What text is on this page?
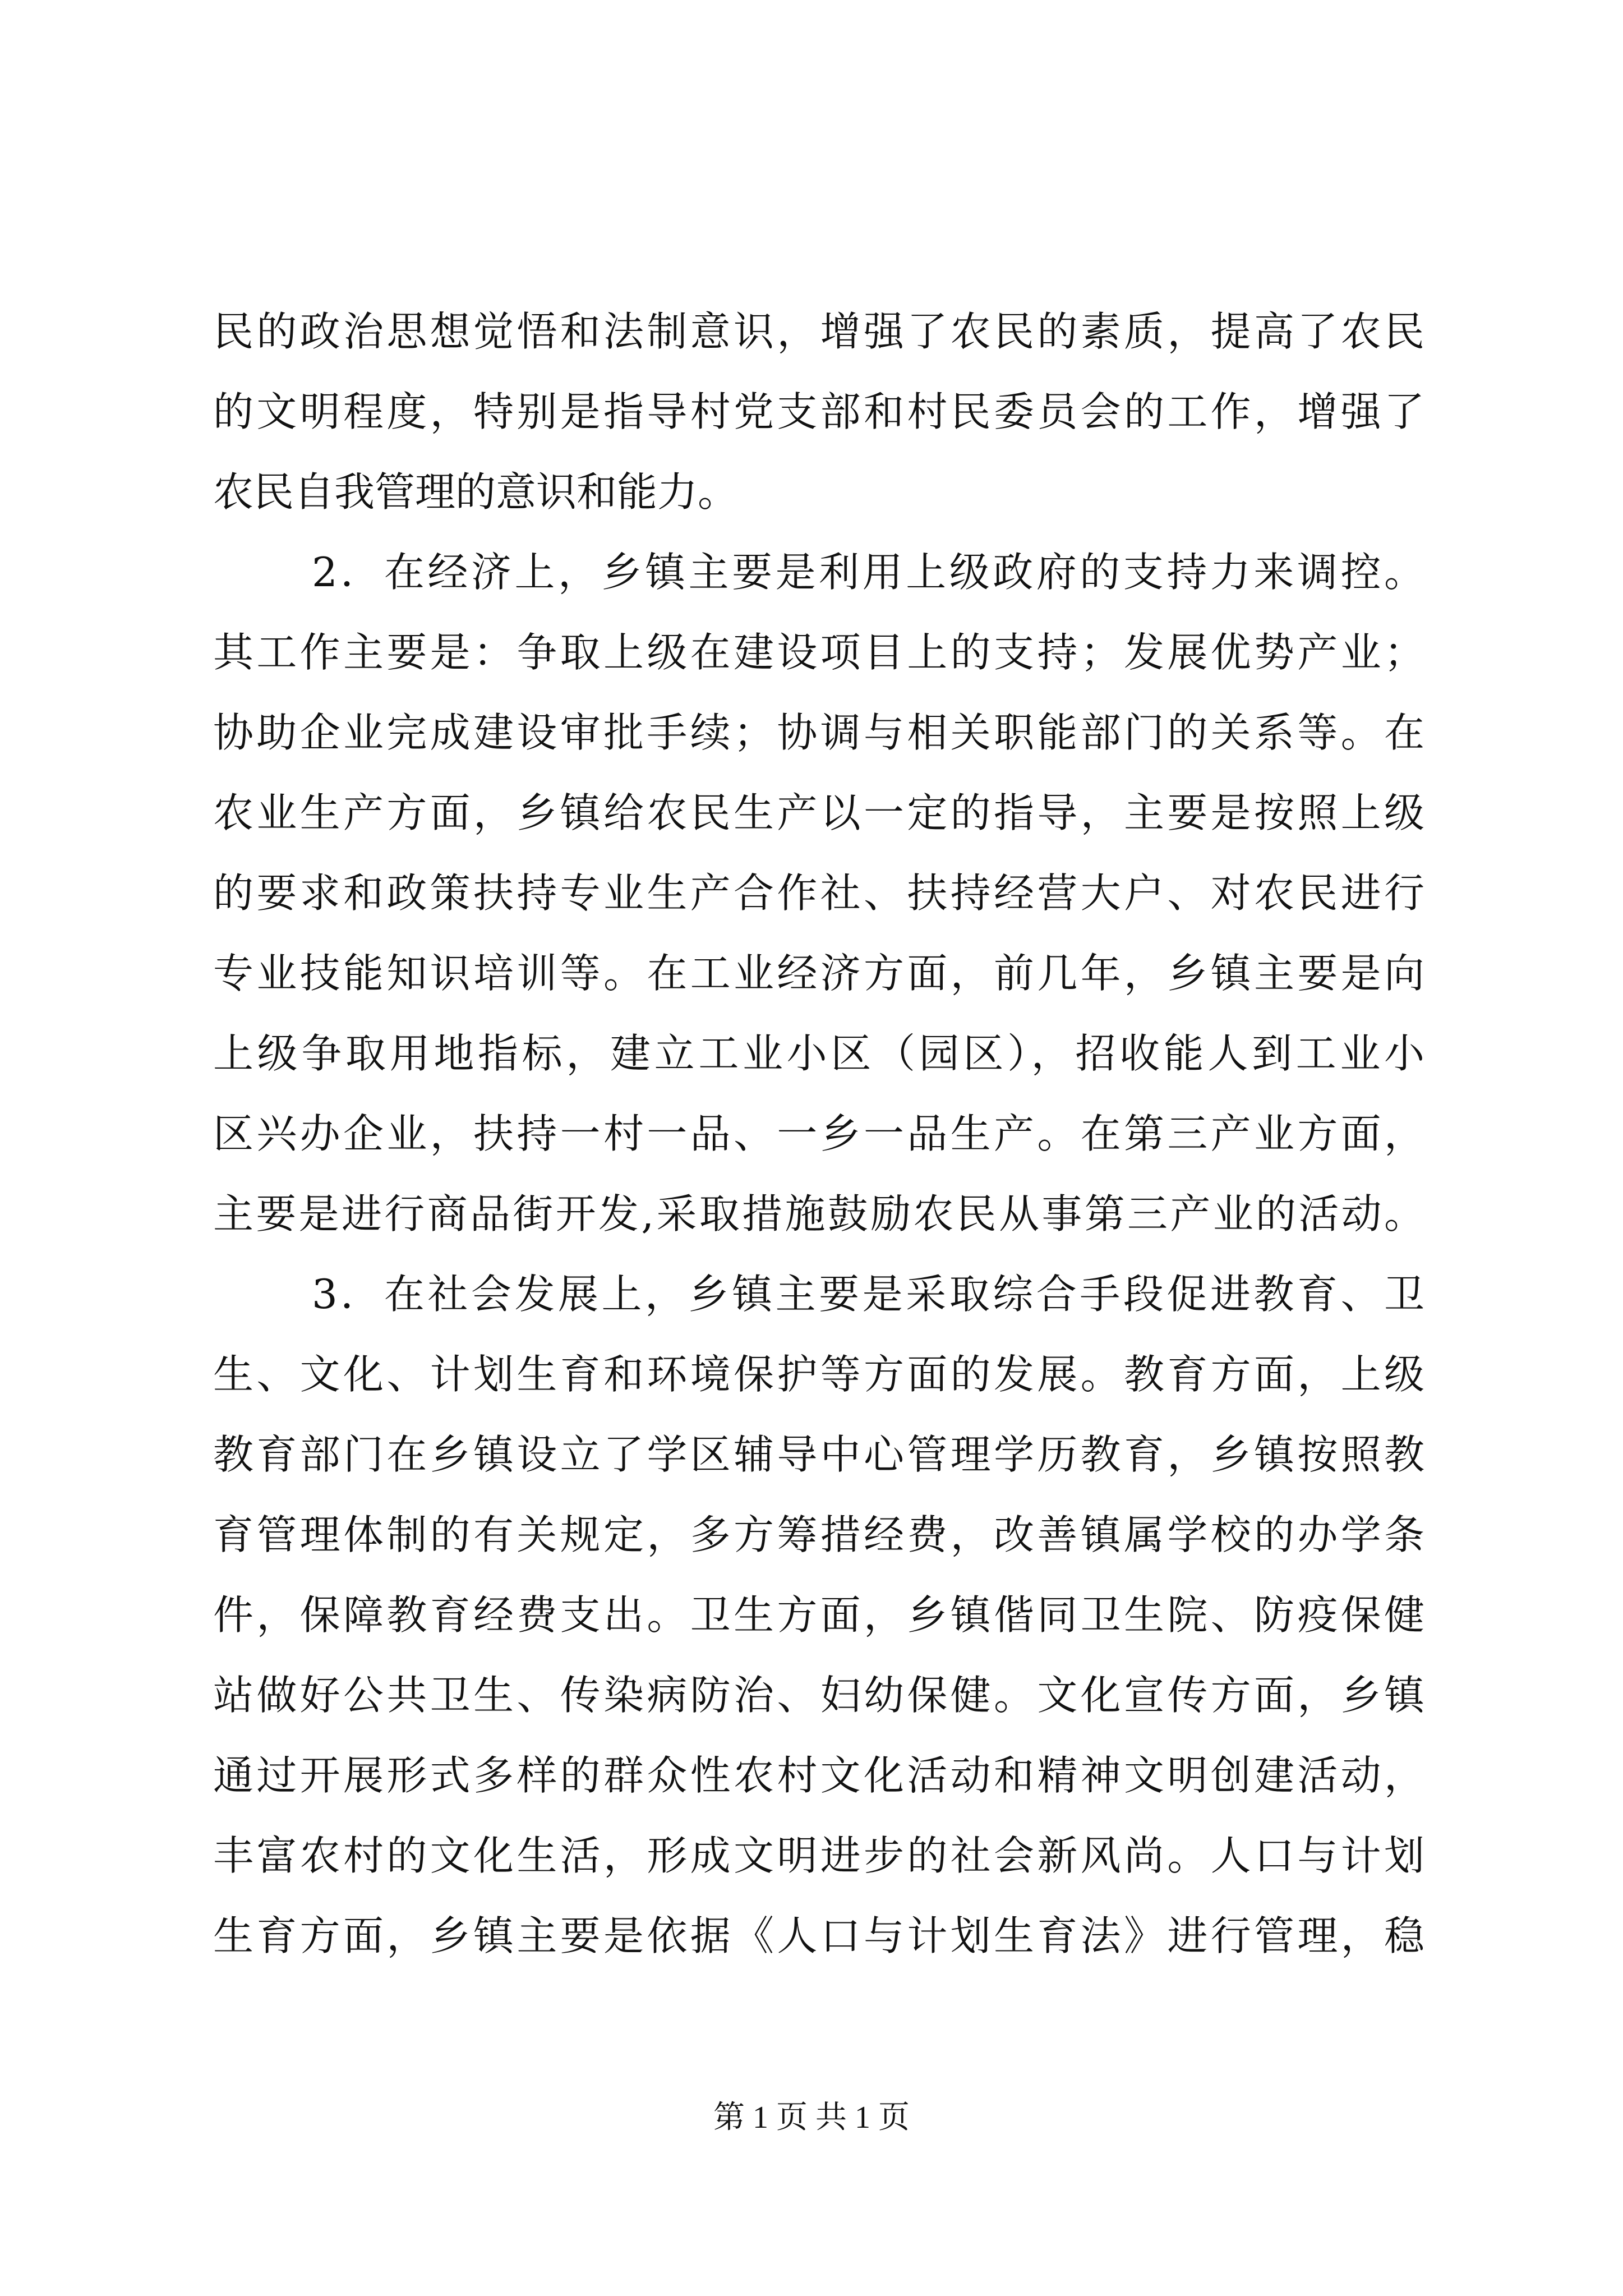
民的政治思想觉悟和法制意识，增强了农民的素质，提高了农民
的文明程度，特别是指导村党支部和村民委员会的工作，增强了
农民自我管理的意识和能力。
2．在经济上，乡镇主要是利用上级政府的支持力来调控。
其工作主要是：争取上级在建设项目上的支持；发展优势产业；
协助企业完成建设审批手续；协调与相关职能部门的关系等。在
农业生产方面，乡镇给农民生产以一定的指导，主要是按照上级
的要求和政策扶持专业生产合作社、扶持经营大户、对农民进行
专业技能知识培训等。在工业经济方面，前几年，乡镇主要是向
上级争取用地指标，建立工业小区（园区），招收能人到工业小
区兴办企业，扶持一村一品、一乡一品生产。在第三产业方面，
主要是进行商品街开发,采取措施鼓励农民从事第三产业的活动。
3．在社会发展上，乡镇主要是采取综合手段促进教育、卫
生、文化、计划生育和环境保护等方面的发展。教育方面，上级
教育部门在乡镇设立了学区辅导中心管理学历教育，乡镇按照教
育管理体制的有关规定，多方筹措经费，改善镇属学校的办学条
件，保障教育经费支出。卫生方面，乡镇偕同卫生院、防疫保健
站做好公共卫生、传染病防治、妇幼保健。文化宣传方面，乡镇
通过开展形式多样的群众性农村文化活动和精神文明创建活动，
丰富农村的文化生活，形成文明进步的社会新风尚。人口与计划
生育方面，乡镇主要是依据《人口与计划生育法》进行管理，稳
第 1 页 共 1 页
